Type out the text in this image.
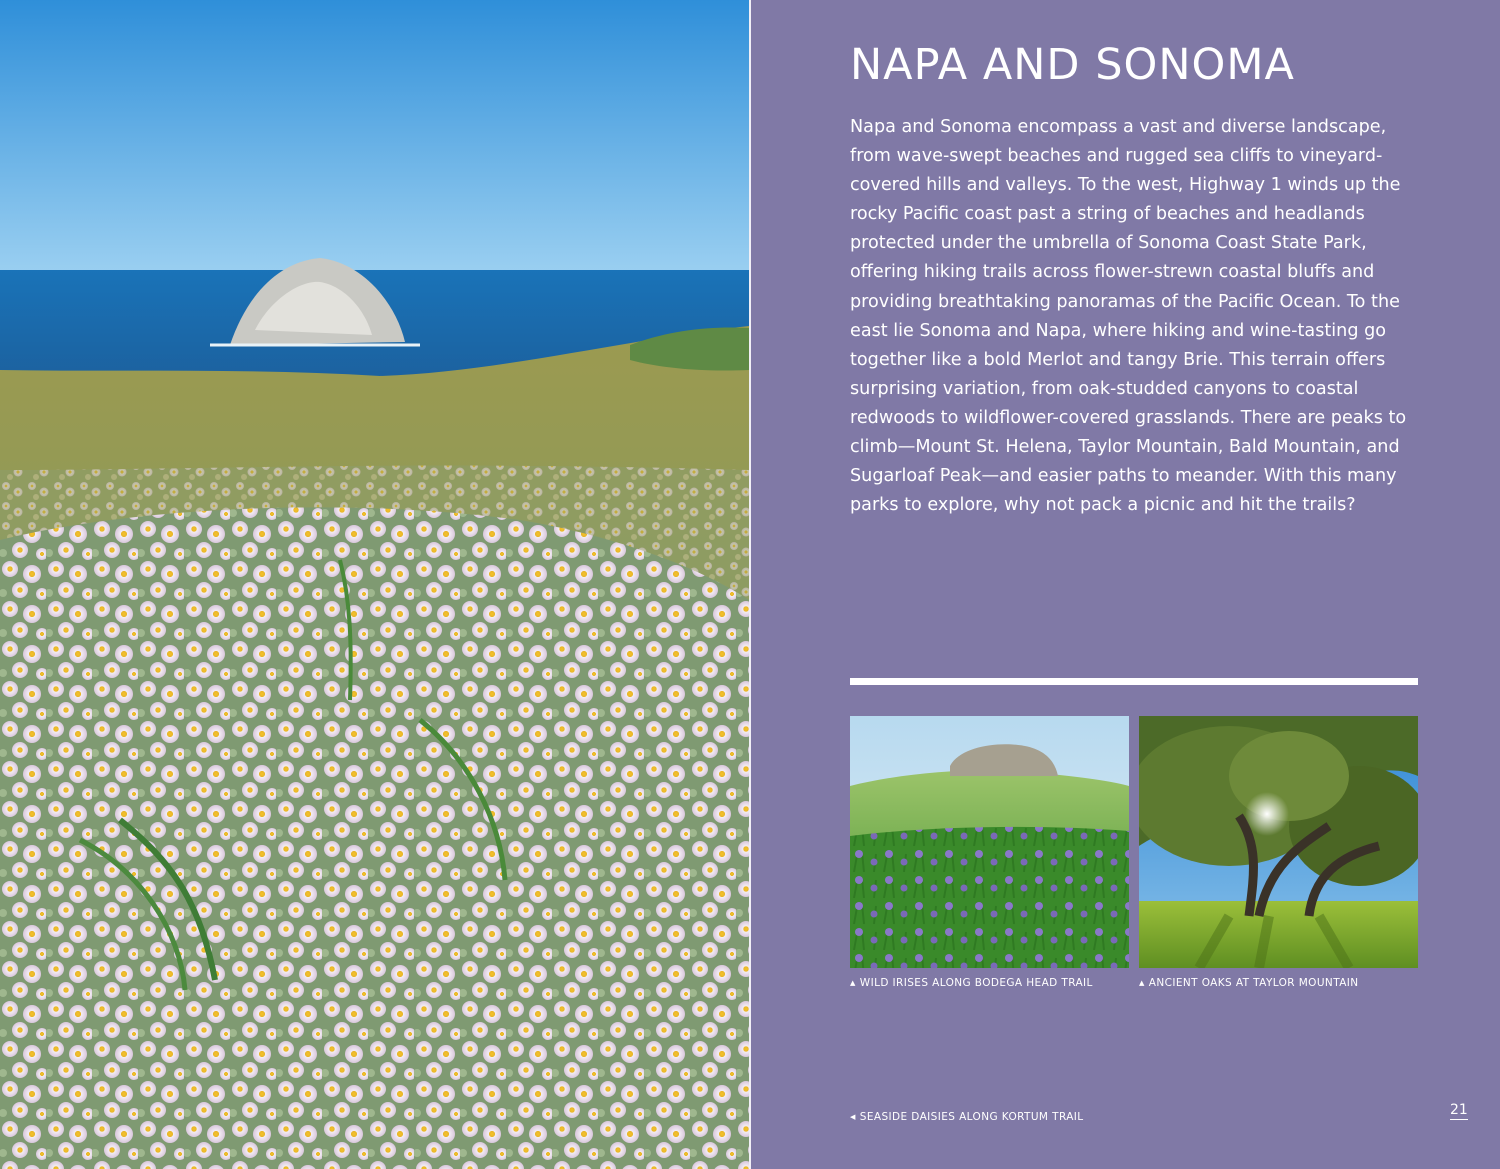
NAPA AND SONOMA

Napa and Sonoma encompass a vast and diverse landscape, from wave-swept beaches and rugged sea cliffs to vineyard-covered hills and valleys. To the west, Highway 1 winds up the rocky Pacific coast past a string of beaches and headlands protected under the umbrella of Sonoma Coast State Park, offering hiking trails across flower-strewn coastal bluffs and providing breathtaking panoramas of the Pacific Ocean. To the east lie Sonoma and Napa, where hiking and wine-tasting go together like a bold Merlot and tangy Brie. This terrain offers surprising variation, from oak-studded canyons to coastal redwoods to wildflower-covered grasslands. There are peaks to climb—Mount St. Helena, Taylor Mountain, Bald Mountain, and Sugarloaf Peak—and easier paths to meander. With this many parks to explore, why not pack a picnic and hit the trails?

▲ WILD IRISES ALONG BODEGA HEAD TRAIL	▲ ANCIENT OAKS AT TAYLOR MOUNTAIN
◀ SEASIDE DAISIES ALONG KORTUM TRAIL	21
